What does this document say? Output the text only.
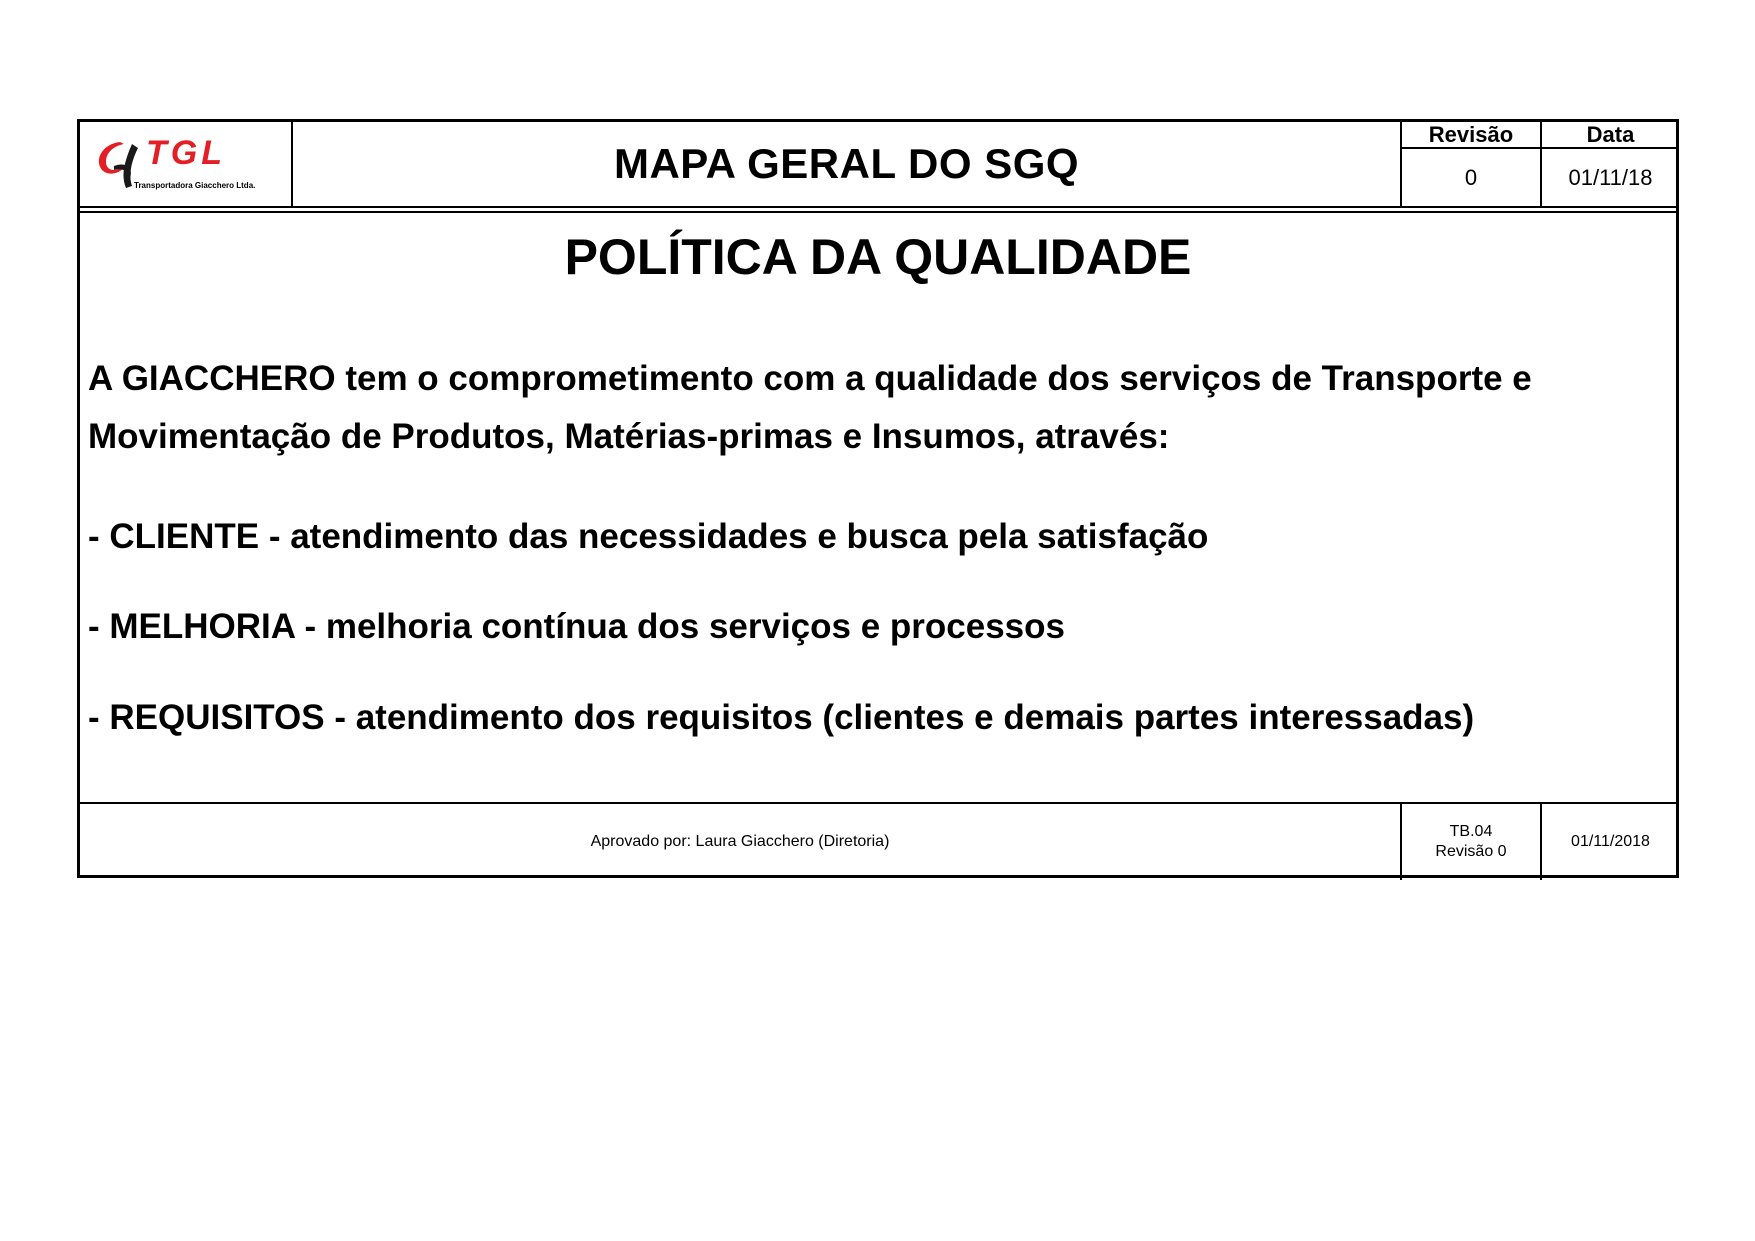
TGL
Transportadora Giacchero Ltda.	MAPA GERAL DO SGQ
Revisão
0
Data
01/11/18
POLÍTICA DA QUALIDADE
A GIACCHERO tem o comprometimento com a qualidade dos serviços de Transporte e Movimentação de Produtos, Matérias-primas e Insumos, através:
- CLIENTE - atendimento das necessidades e busca pela satisfação
- MELHORIA - melhoria contínua dos serviços e processos
- REQUISITOS - atendimento dos requisitos (clientes e demais partes interessadas)
Aprovado por: Laura Giacchero (Diretoria)
TB.04
Revisão 0
01/11/2018
